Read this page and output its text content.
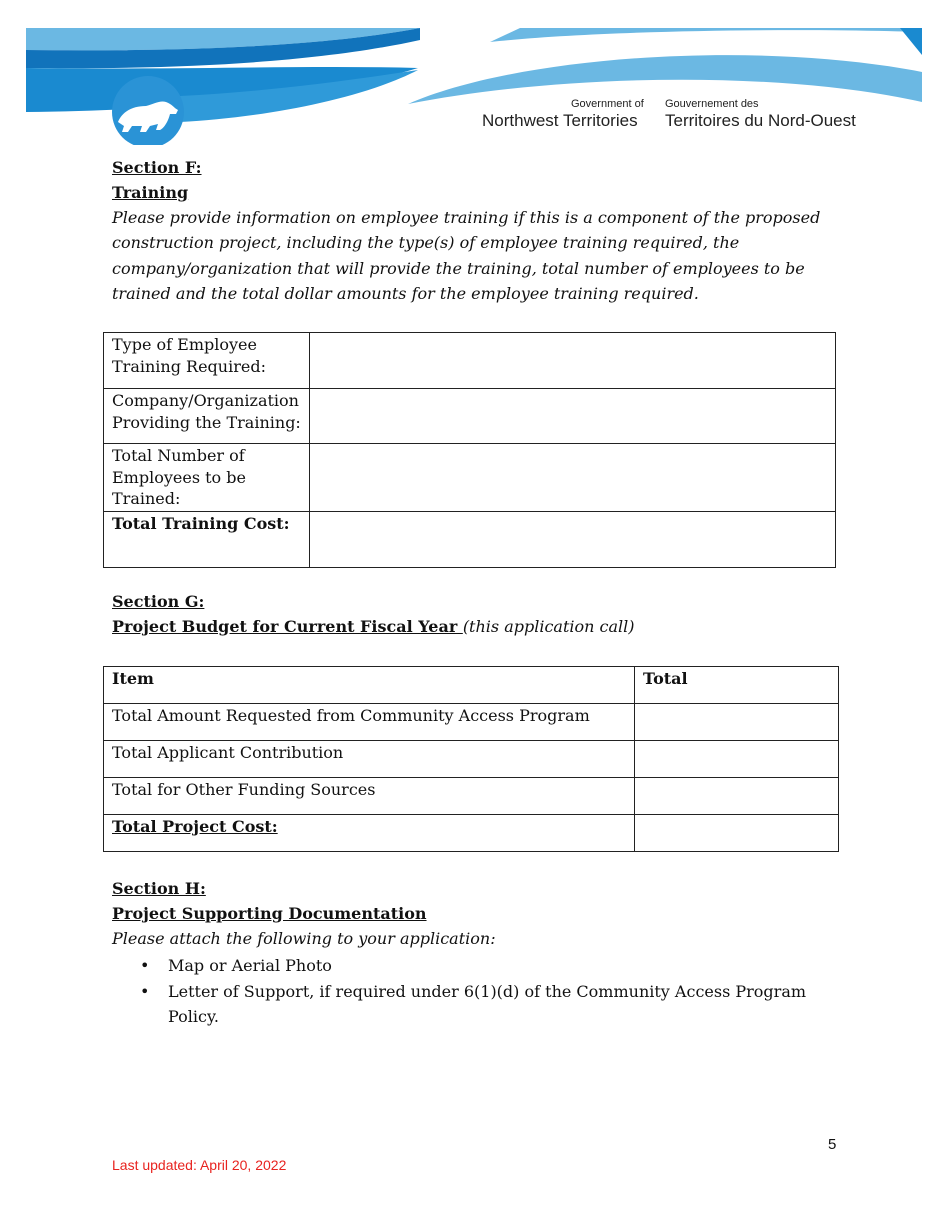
Government of
Northwest Territories
Gouvernement des
Territoires du Nord-Ouest
Section F:
Training

Please provide information on employee training if this is a component of the proposed construction project, including the type(s) of employee training required, the company/organization that will provide the training, total number of employees to be trained and the total dollar amounts for the employee training required.

Type of Employee Training Required:	
Company/Organization Providing the Training:	
Total Number of Employees to be Trained:	
Total Training Cost:	
Section G:
Project Budget for Current Fiscal Year (this application call)
Item	Total
Total Amount Requested from Community Access Program	
Total Applicant Contribution	
Total for Other Funding Sources	
Total Project Cost:	
Section H:
Project Supporting Documentation
Please attach the following to your application:
• Map or Aerial Photo
• Letter of Support, if required under 6(1)(d) of the Community Access Program Policy.
5
Last updated: April 20, 2022
